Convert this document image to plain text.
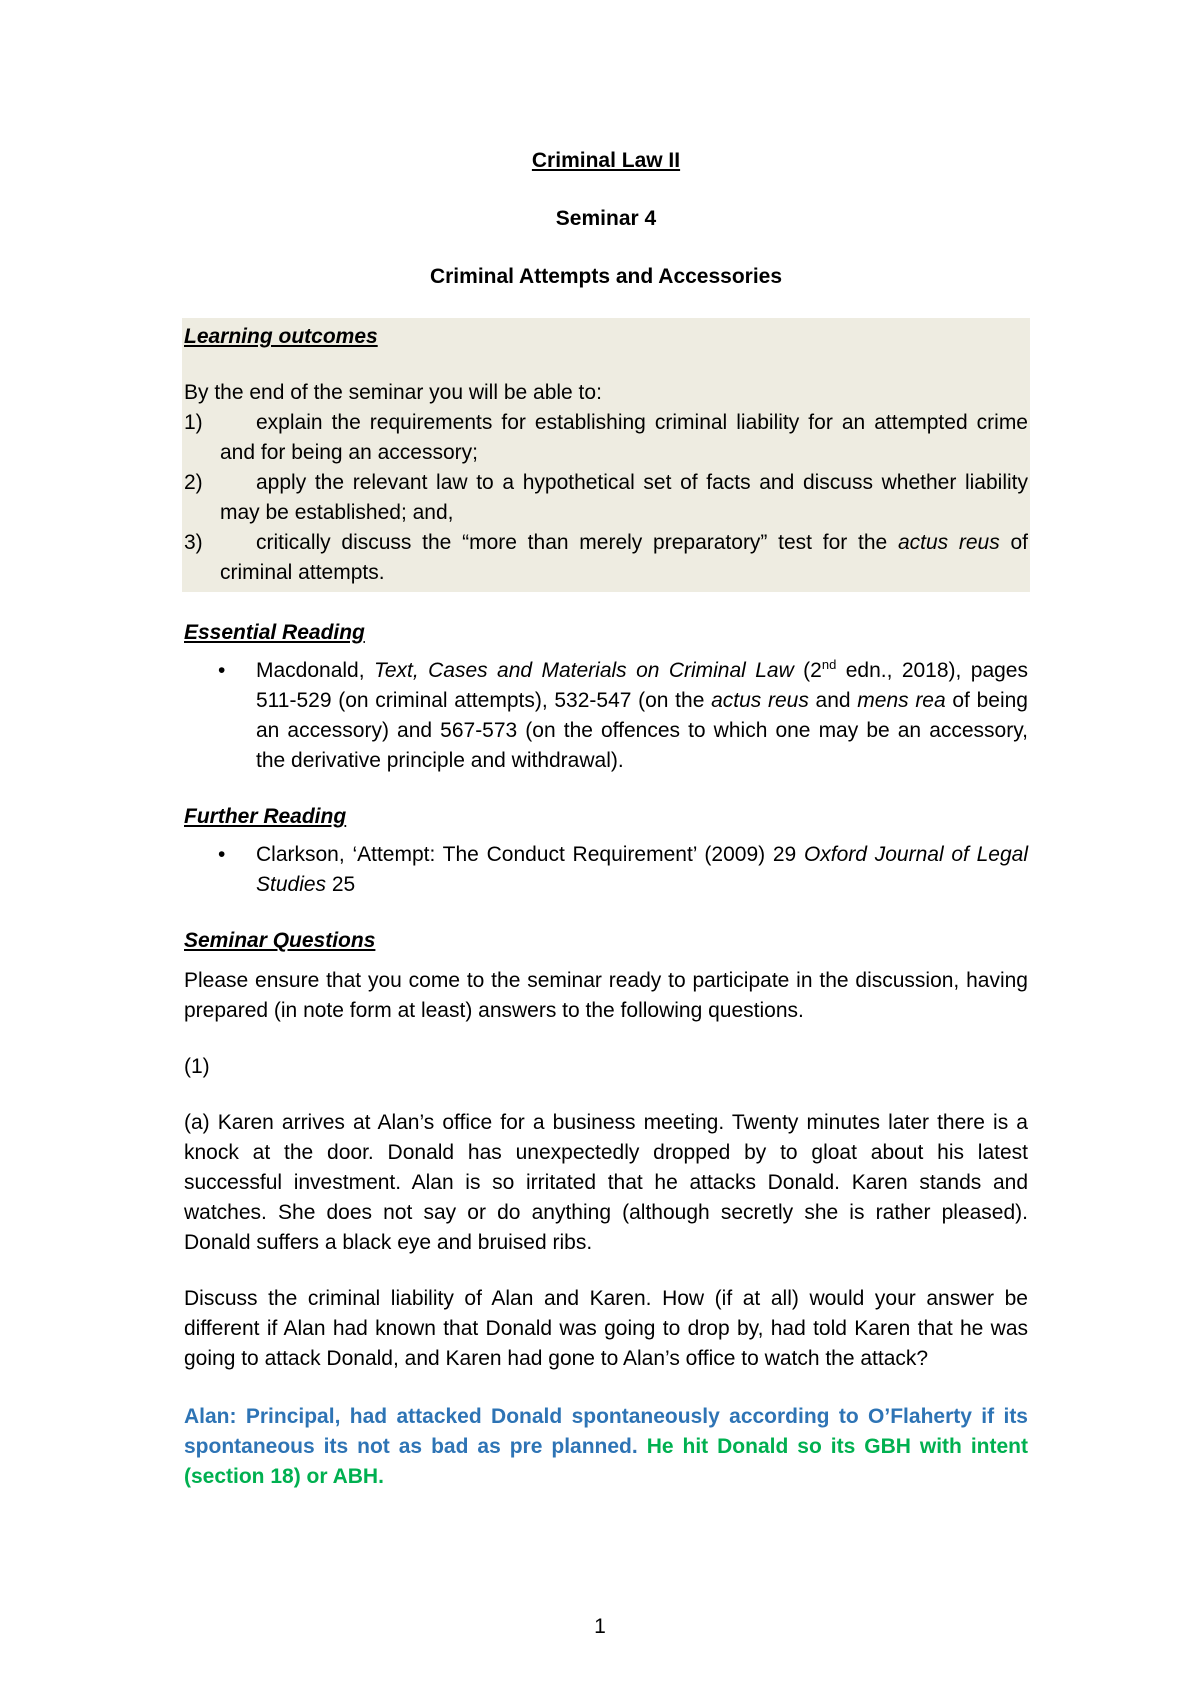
Criminal Law II
Seminar 4
Criminal Attempts and Accessories
Learning outcomes
By the end of the seminar you will be able to:
1)	explain the requirements for establishing criminal liability for an attempted crime and for being an accessory;
2)	apply the relevant law to a hypothetical set of facts and discuss whether liability may be established; and,
3)	critically discuss the “more than merely preparatory” test for the actus reus of criminal attempts.
Essential Reading
• Macdonald, Text, Cases and Materials on Criminal Law (2nd edn., 2018), pages 511-529 (on criminal attempts), 532-547 (on the actus reus and mens rea of being an accessory) and 567-573 (on the offences to which one may be an accessory, the derivative principle and withdrawal).
Further Reading
• Clarkson, ‘Attempt: The Conduct Requirement’ (2009) 29 Oxford Journal of Legal Studies 25
Seminar Questions

Please ensure that you come to the seminar ready to participate in the discussion, having prepared (in note form at least) answers to the following questions.

(1)

(a) Karen arrives at Alan’s office for a business meeting. Twenty minutes later there is a knock at the door. Donald has unexpectedly dropped by to gloat about his latest successful investment. Alan is so irritated that he attacks Donald. Karen stands and watches. She does not say or do anything (although secretly she is rather pleased). Donald suffers a black eye and bruised ribs.

Discuss the criminal liability of Alan and Karen. How (if at all) would your answer be different if Alan had known that Donald was going to drop by, had told Karen that he was going to attack Donald, and Karen had gone to Alan’s office to watch the attack?

Alan: Principal, had attacked Donald spontaneously according to O’Flaherty if its spontaneous its not as bad as pre planned. He hit Donald so its GBH with intent (section 18) or ABH.

1
